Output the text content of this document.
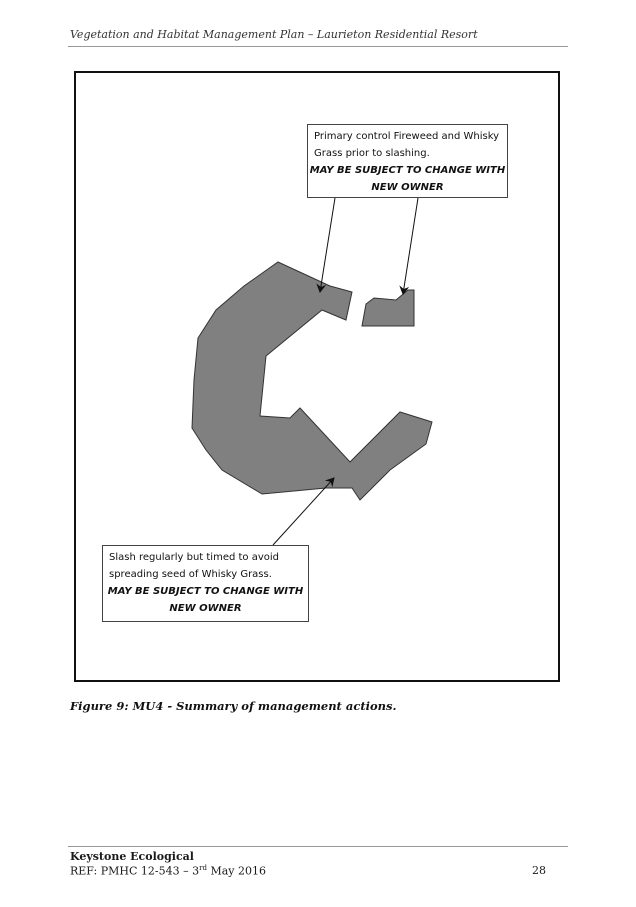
Vegetation and Habitat Management Plan – Laurieton Residential Resort
Primary control Fireweed and Whisky
Grass prior to slashing.
MAY BE SUBJECT TO CHANGE WITH
NEW OWNER
Slash regularly but timed to avoid
spreading seed of Whisky Grass.
MAY BE SUBJECT TO CHANGE WITH
NEW OWNER
Figure 9: MU4 - Summary of management actions.
Keystone Ecological
REF: PMHC 12-543 – 3rd May 2016	28
